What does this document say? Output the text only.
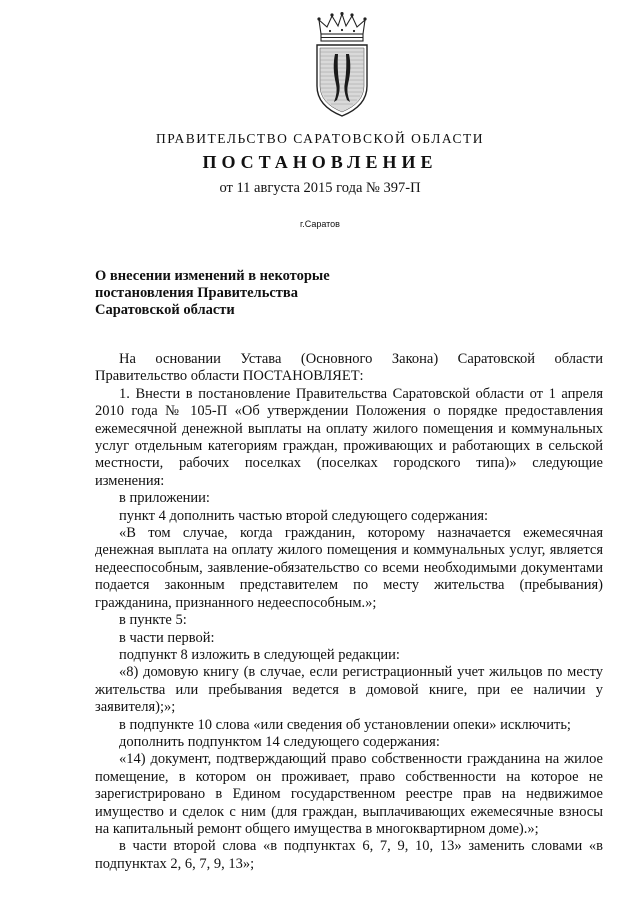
ПРАВИТЕЛЬСТВО САРАТОВСКОЙ ОБЛАСТИ
ПОСТАНОВЛЕНИЕ
от 11 августа 2015 года № 397-П
г.Саратов
О внесении изменений в некоторые
постановления Правительства
Саратовской области

На основании Устава (Основного Закона) Саратовской области Правительство области ПОСТАНОВЛЯЕТ:

1. Внести в постановление Правительства Саратовской области от 1 апреля 2010 года № 105-П «Об утверждении Положения о порядке предоставления ежемесячной денежной выплаты на оплату жилого помещения и коммунальных услуг отдельным категориям граждан, проживающих и работающих в сельской местности, рабочих поселках (поселках городского типа)» следующие изменения:

в приложении:

пункт 4 дополнить частью второй следующего содержания:

«В том случае, когда гражданин, которому назначается ежемесячная денежная выплата на оплату жилого помещения и коммунальных услуг, является недееспособным, заявление-обязательство со всеми необходимыми документами подается законным представителем по месту жительства (пребывания) гражданина, признанного недееспособным.»;

в пункте 5:

в части первой:

подпункт 8 изложить в следующей редакции:

«8) домовую книгу (в случае, если регистрационный учет жильцов по месту жительства или пребывания ведется в домовой книге, при ее наличии у заявителя);»;

в подпункте 10 слова «или сведения об установлении опеки» исключить;

дополнить подпунктом 14 следующего содержания:

«14) документ, подтверждающий право собственности гражданина на жилое помещение, в котором он проживает, право собственности на которое не зарегистрировано в Едином государственном реестре прав на недвижимое имущество и сделок с ним (для граждан, выплачивающих ежемесячные взносы на капитальный ремонт общего имущества в многоквартирном доме).»;

в части второй слова «в подпунктах 6, 7, 9, 10, 13» заменить словами «в подпунктах 2, 6, 7, 9, 13»;
